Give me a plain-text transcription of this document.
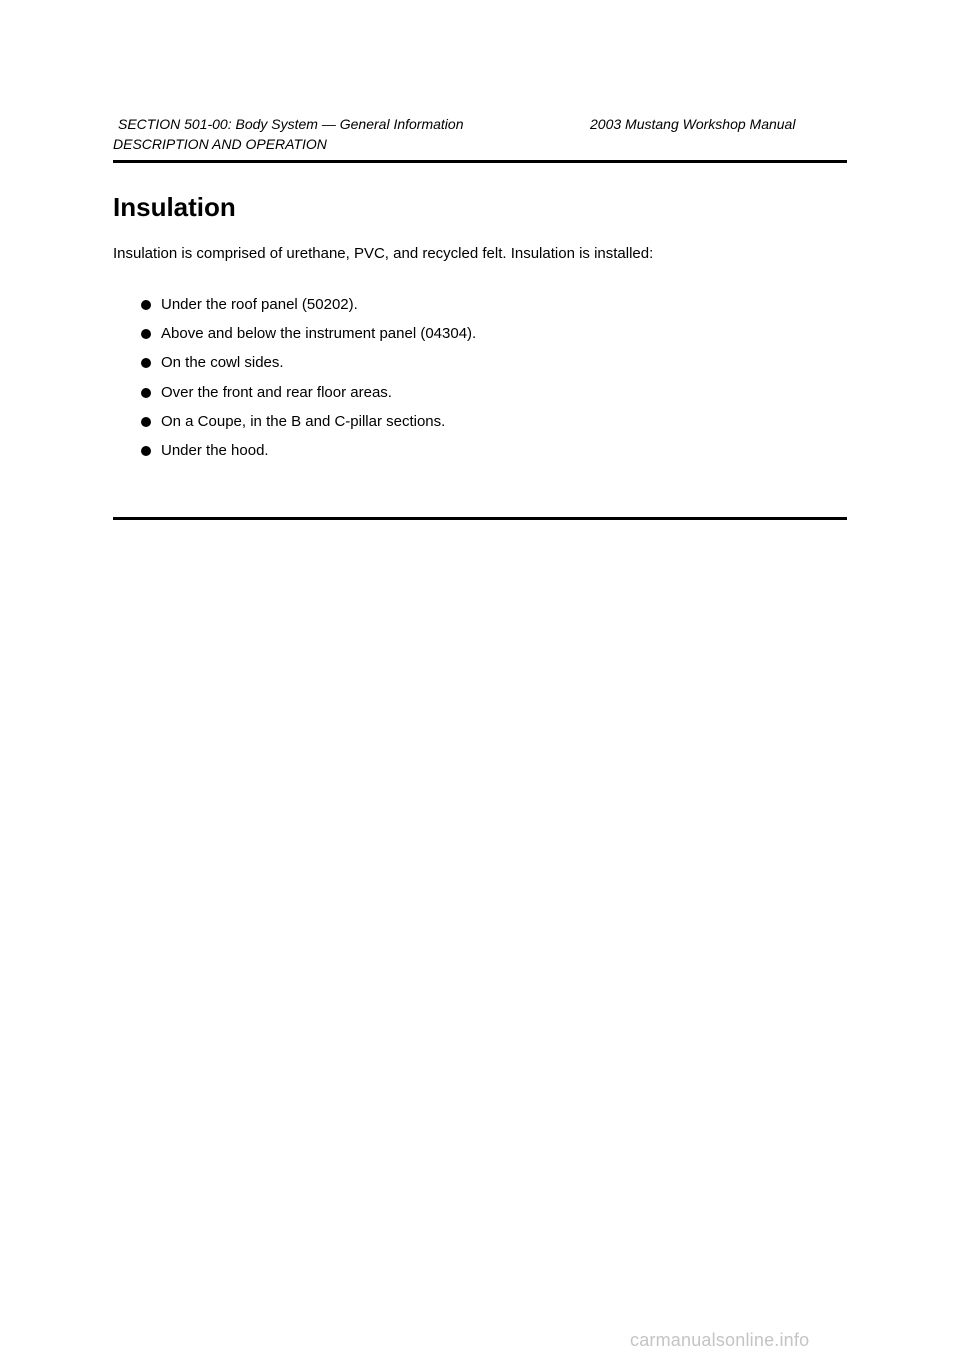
SECTION 501-00: Body System — General Information	2003 Mustang Workshop Manual
DESCRIPTION AND OPERATION
Insulation

Insulation is comprised of urethane, PVC, and recycled felt. Insulation is installed:

Under the roof panel (50202).
Above and below the instrument panel (04304).
On the cowl sides.
Over the front and rear floor areas.
On a Coupe, in the B and C-pillar sections.
Under the hood.
carmanualsonline.info
